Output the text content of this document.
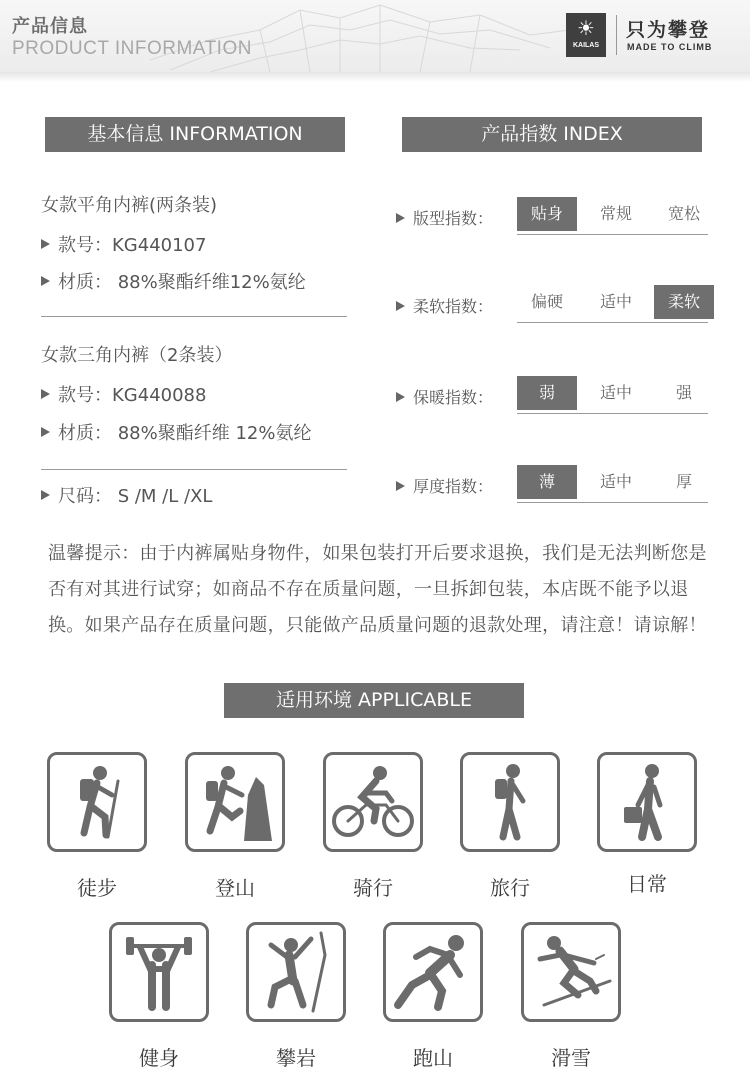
产品信息
PRODUCT INFORMATION
☀
KAILAS
只为攀登
MADE TO CLIMB
基本信息 INFORMATION	产品指数 INDEX
女款平角内裤(两条装)
款号：KG440107
材质： 88%聚酯纤维12%氨纶
女款三角内裤（2条装）
款号：KG440088
材质： 88%聚酯纤维 12%氨纶
尺码： S /M /L /XL
版型指数：	贴身	常规	宽松
柔软指数：	偏硬	适中	柔软
保暖指数：	弱	适中	强
厚度指数：	薄	适中	厚
温馨提示：由于内裤属贴身物件，如果包装打开后要求退换，我们是无法判断您是否有对其进行试穿；如商品不存在质量问题，一旦拆卸包装，本店既不能予以退换。如果产品存在质量问题，只能做产品质量问题的退款处理，请注意！请谅解！
适用环境 APPLICABLE
徒步	登山	骑行	旅行	日常
健身	攀岩	跑山	滑雪
